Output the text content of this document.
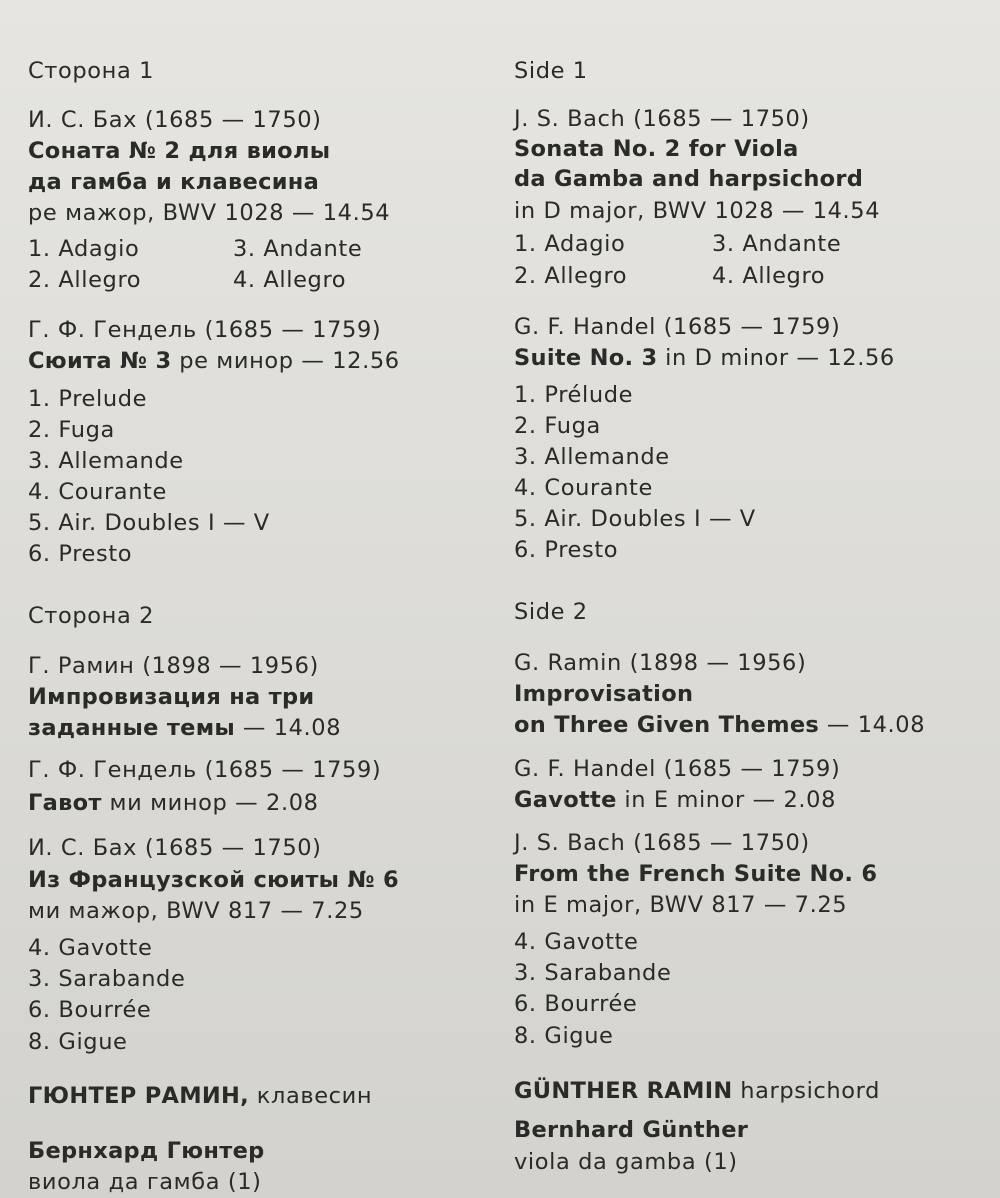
Сторона 1
И. С. Бах (1685 — 1750)
Соната № 2 для виолы
да гамба и клавесина
ре мажор, BWV 1028 — 14.54
1. Adagio	3. Andante
2. Allegro	4. Allegro
Г. Ф. Гендель (1685 — 1759)
Сюита № 3 ре минор — 12.56
1. Prelude
2. Fuga
3. Allemande
4. Courante
5. Air. Doubles I — V
6. Presto
Сторона 2
Г. Рамин (1898 — 1956)
Импровизация на три
заданные темы — 14.08
Г. Ф. Гендель (1685 — 1759)
Гавот ми минор — 2.08
И. С. Бах (1685 — 1750)
Из Французской сюиты № 6
ми мажор, BWV 817 — 7.25
4. Gavotte
3. Sarabande
6. Bourrée
8. Gigue
ГЮНТЕР РАМИН, клавесин
Бернхард Гюнтер
виола да гамба (1)
Side 1
J. S. Bach (1685 — 1750)
Sonata No. 2 for Viola
da Gamba and harpsichord
in D major, BWV 1028 — 14.54
1. Adagio	3. Andante
2. Allegro	4. Allegro
G. F. Handel (1685 — 1759)
Suite No. 3 in D minor — 12.56
1. Prélude
2. Fuga
3. Allemande
4. Courante
5. Air. Doubles I — V
6. Presto
Side 2
G. Ramin (1898 — 1956)
Improvisation
on Three Given Themes — 14.08
G. F. Handel (1685 — 1759)
Gavotte in E minor — 2.08
J. S. Bach (1685 — 1750)
From the French Suite No. 6
in E major, BWV 817 — 7.25
4. Gavotte
3. Sarabande
6. Bourrée
8. Gigue
GÜNTHER RAMIN harpsichord
Bernhard Günther
viola da gamba (1)
